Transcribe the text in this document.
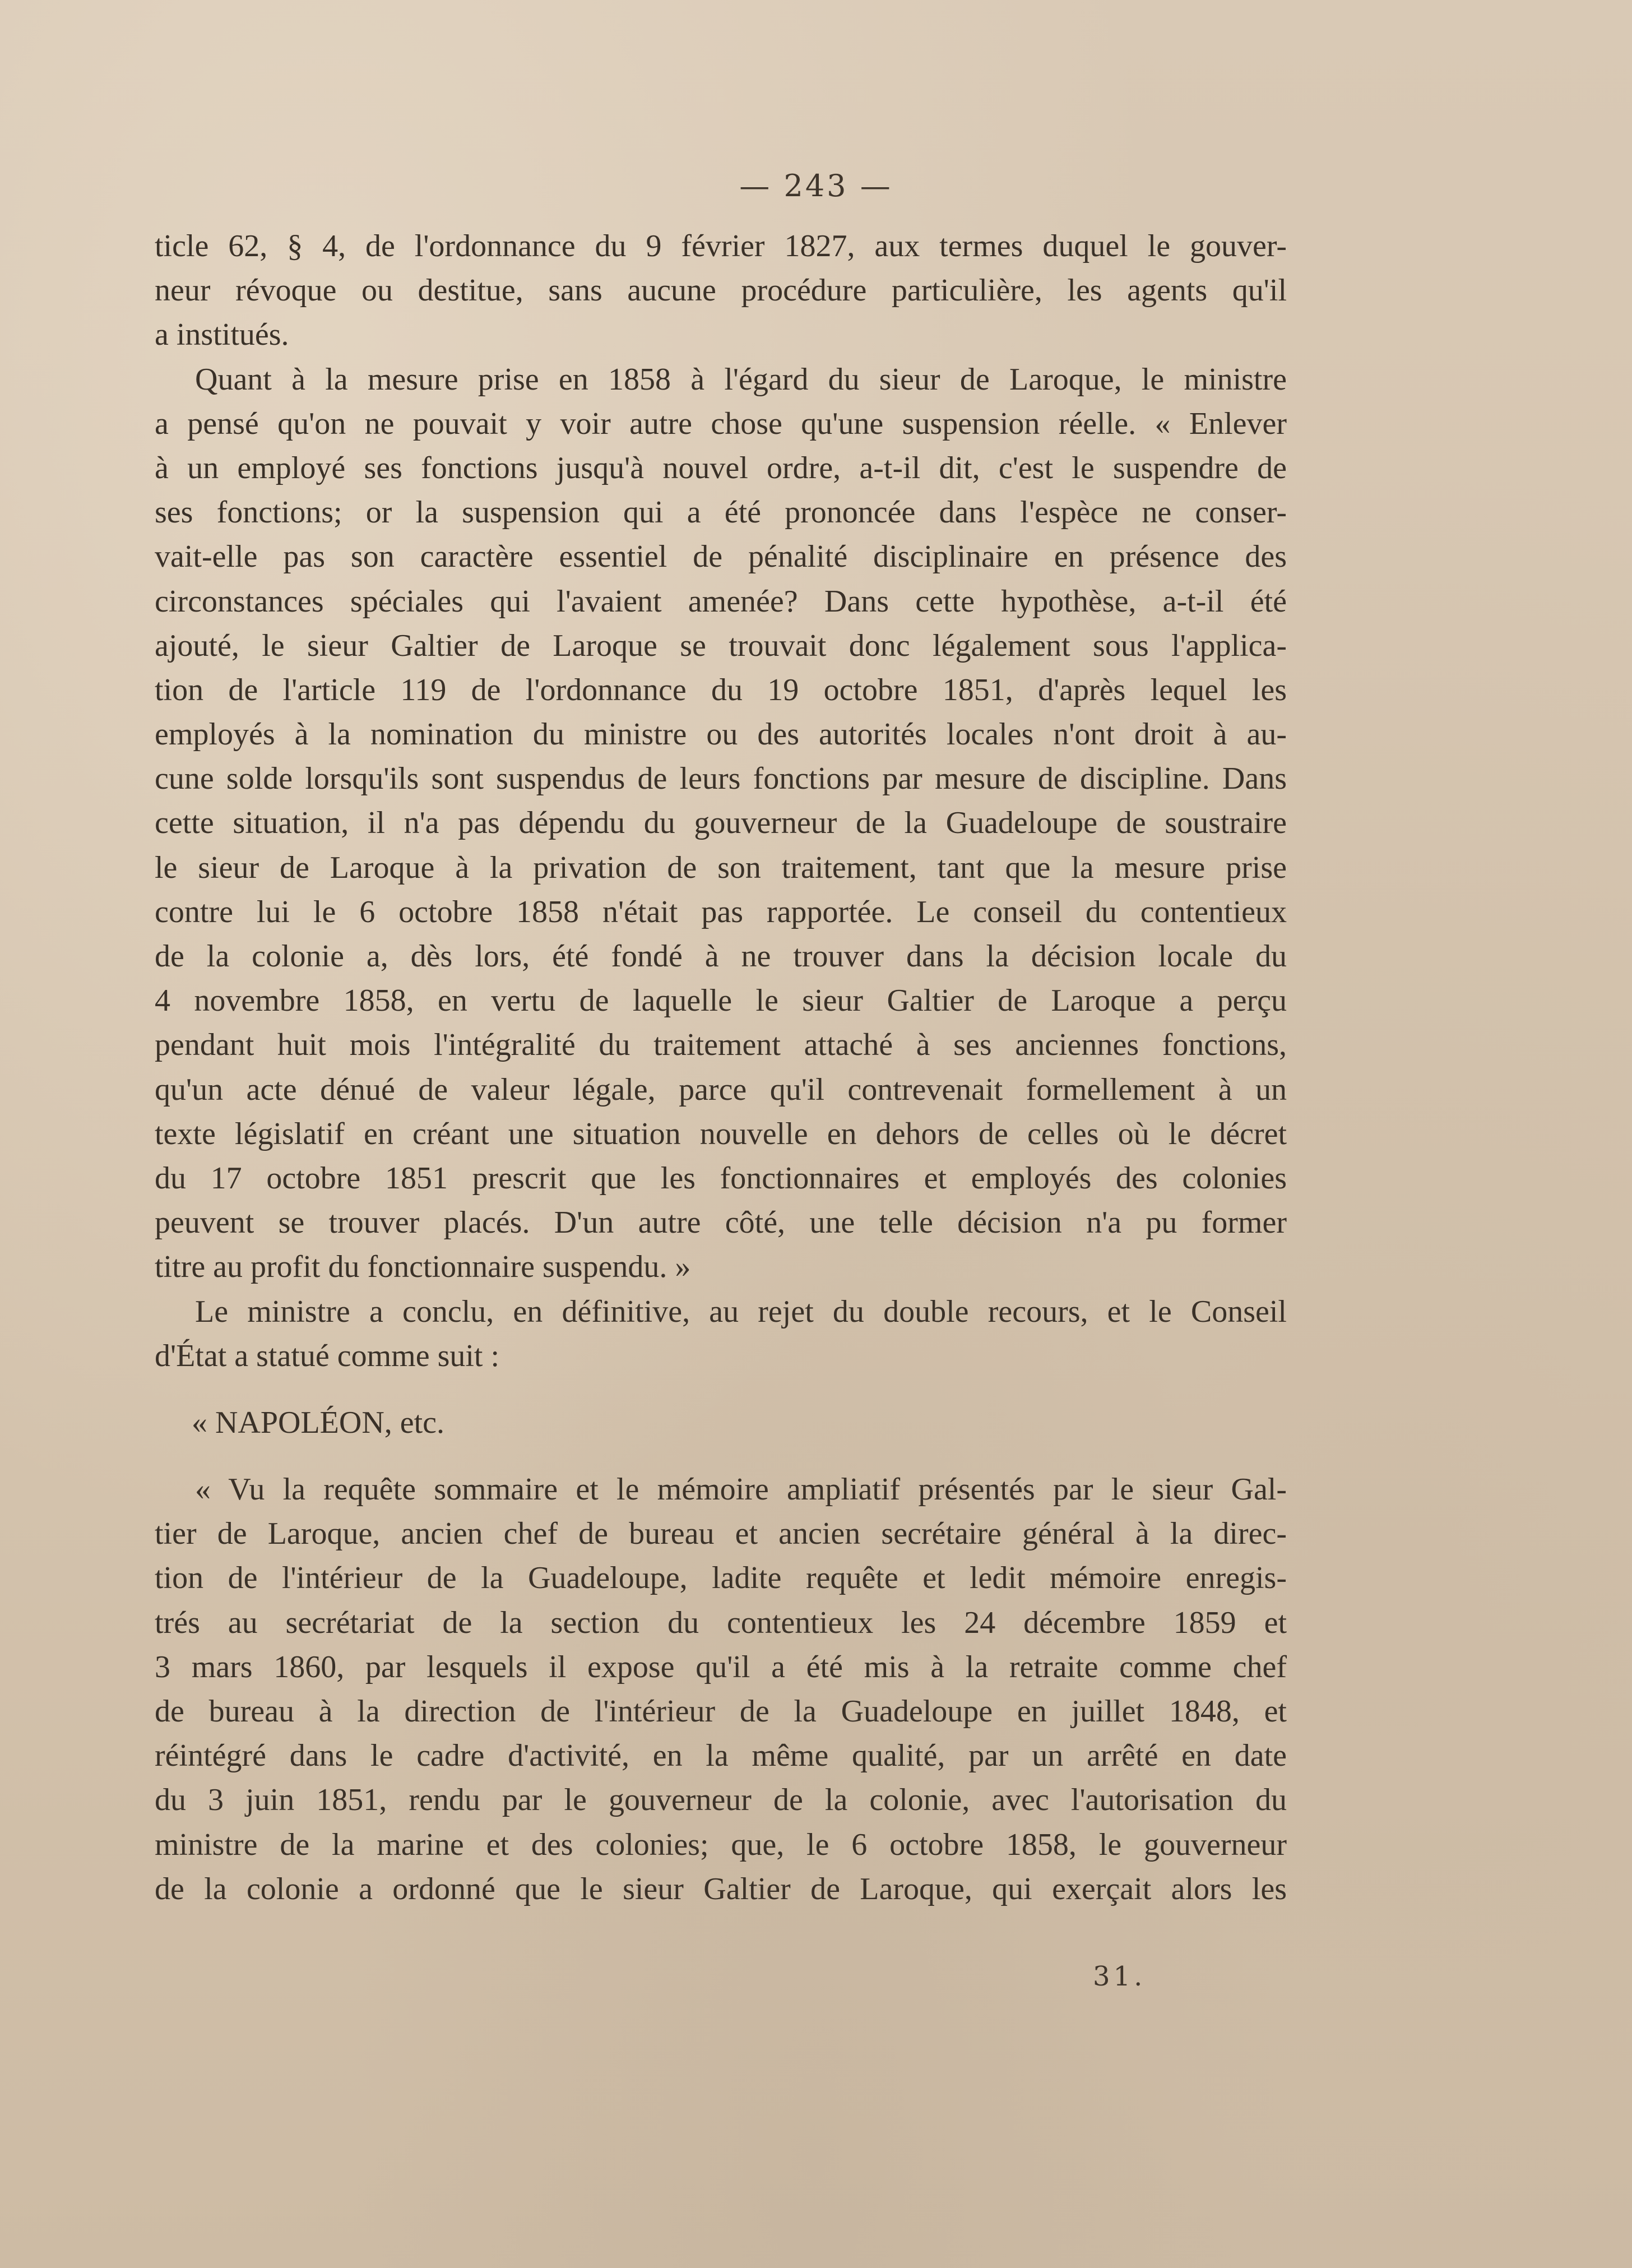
— 243 —
ticle 62, § 4, de l'ordonnance du 9 février 1827, aux termes duquel le gouver-
neur révoque ou destitue, sans aucune procédure particulière, les agents qu'il
a institués.
Quant à la mesure prise en 1858 à l'égard du sieur de Laroque, le ministre
a pensé qu'on ne pouvait y voir autre chose qu'une suspension réelle. « Enlever
à un employé ses fonctions jusqu'à nouvel ordre, a-t-il dit, c'est le suspendre de
ses fonctions; or la suspension qui a été prononcée dans l'espèce ne conser-
vait-elle pas son caractère essentiel de pénalité disciplinaire en présence des
circonstances spéciales qui l'avaient amenée? Dans cette hypothèse, a-t-il été
ajouté, le sieur Galtier de Laroque se trouvait donc légalement sous l'applica-
tion de l'article 119 de l'ordonnance du 19 octobre 1851, d'après lequel les
employés à la nomination du ministre ou des autorités locales n'ont droit à au-
cune solde lorsqu'ils sont suspendus de leurs fonctions par mesure de discipline. Dans
cette situation, il n'a pas dépendu du gouverneur de la Guadeloupe de soustraire
le sieur de Laroque à la privation de son traitement, tant que la mesure prise
contre lui le 6 octobre 1858 n'était pas rapportée. Le conseil du contentieux
de la colonie a, dès lors, été fondé à ne trouver dans la décision locale du
4 novembre 1858, en vertu de laquelle le sieur Galtier de Laroque a perçu
pendant huit mois l'intégralité du traitement attaché à ses anciennes fonctions,
qu'un acte dénué de valeur légale, parce qu'il contrevenait formellement à un
texte législatif en créant une situation nouvelle en dehors de celles où le décret
du 17 octobre 1851 prescrit que les fonctionnaires et employés des colonies
peuvent se trouver placés. D'un autre côté, une telle décision n'a pu former
titre au profit du fonctionnaire suspendu. »
Le ministre a conclu, en définitive, au rejet du double recours, et le Conseil
d'État a statué comme suit :
« NAPOLÉON, etc.
« Vu la requête sommaire et le mémoire ampliatif présentés par le sieur Gal-
tier de Laroque, ancien chef de bureau et ancien secrétaire général à la direc-
tion de l'intérieur de la Guadeloupe, ladite requête et ledit mémoire enregis-
trés au secrétariat de la section du contentieux les 24 décembre 1859 et
3 mars 1860, par lesquels il expose qu'il a été mis à la retraite comme chef
de bureau à la direction de l'intérieur de la Guadeloupe en juillet 1848, et
réintégré dans le cadre d'activité, en la même qualité, par un arrêté en date
du 3 juin 1851, rendu par le gouverneur de la colonie, avec l'autorisation du
ministre de la marine et des colonies; que, le 6 octobre 1858, le gouverneur
de la colonie a ordonné que le sieur Galtier de Laroque, qui exerçait alors les
31.
